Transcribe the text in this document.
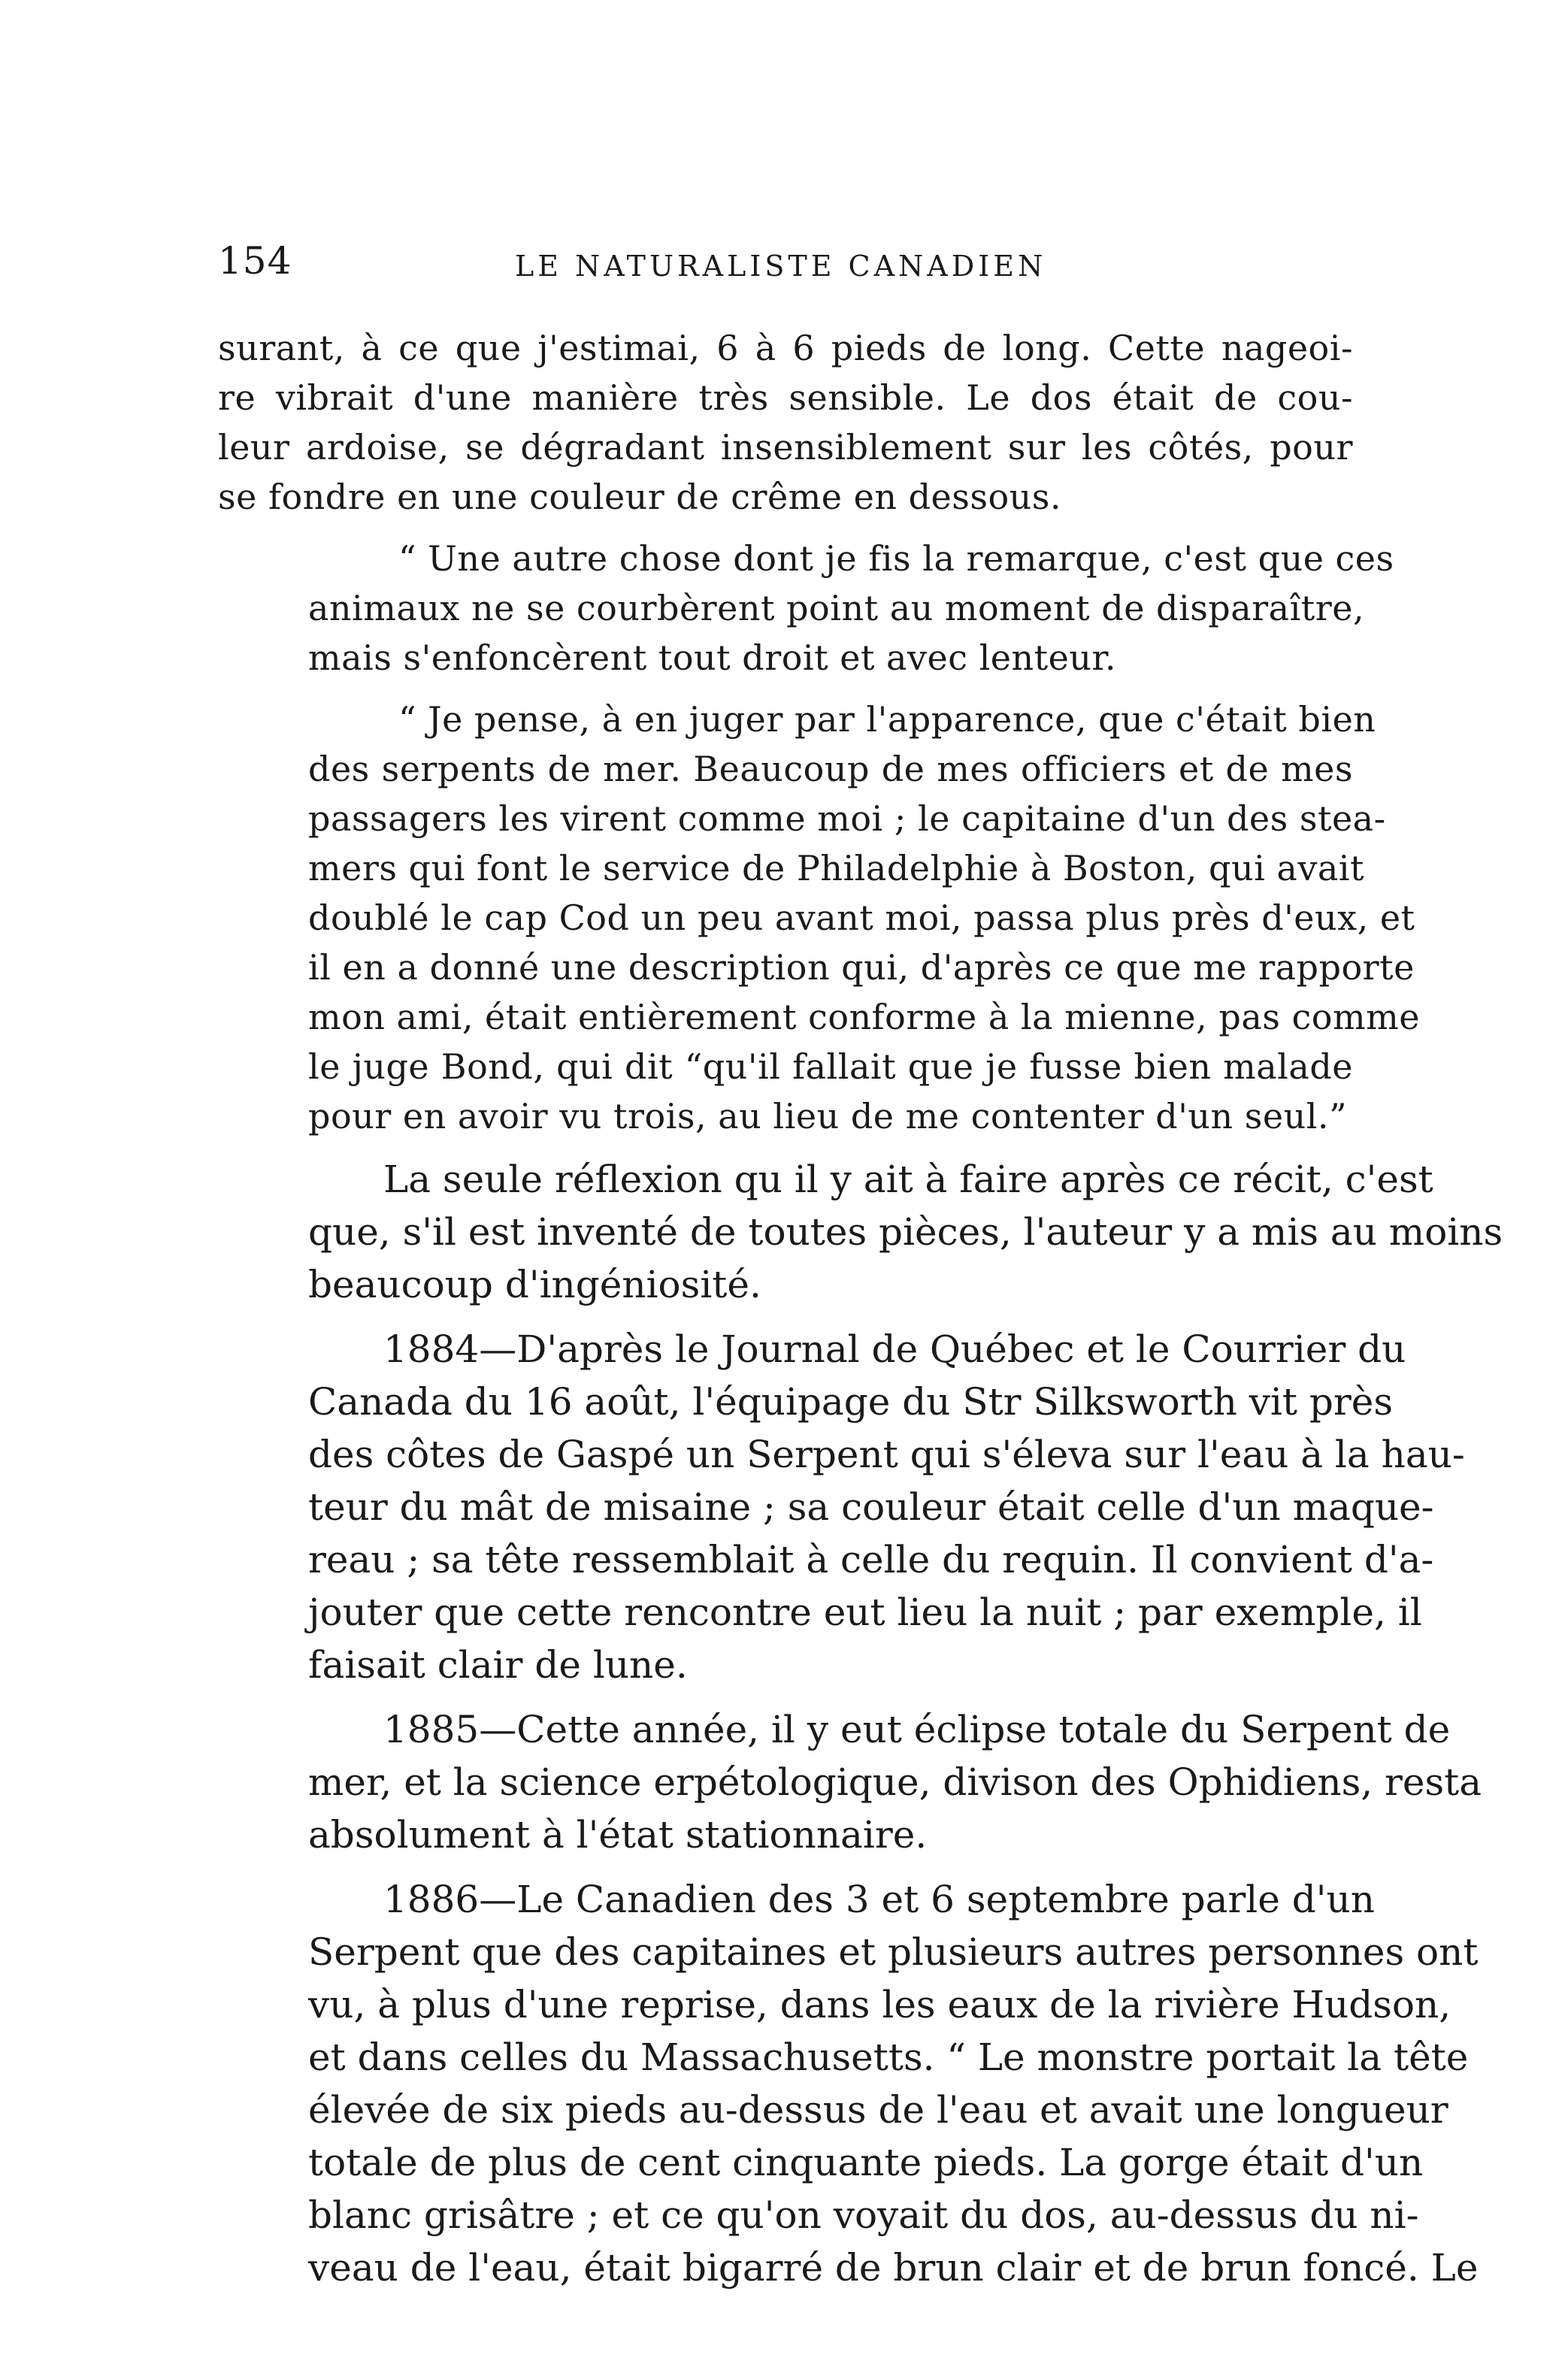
154	LE NATURALISTE CANADIEN
surant, à ce que j'estimai, 6 à 6 pieds de long. Cette nageoi-
re vibrait d'une manière très sensible. Le dos était de cou-
leur ardoise, se dégradant insensiblement sur les côtés, pour
se fondre en une couleur de crême en dessous.
“ Une autre chose dont je fis la remarque, c'est que ces
animaux ne se courbèrent point au moment de disparaître,
mais s'enfoncèrent tout droit et avec lenteur.
“ Je pense, à en juger par l'apparence, que c'était bien
des serpents de mer. Beaucoup de mes officiers et de mes
passagers les virent comme moi ; le capitaine d'un des stea-
mers qui font le service de Philadelphie à Boston, qui avait
doublé le cap Cod un peu avant moi, passa plus près d'eux, et
il en a donné une description qui, d'après ce que me rapporte
mon ami, était entièrement conforme à la mienne, pas comme
le juge Bond, qui dit “qu'il fallait que je fusse bien malade
pour en avoir vu trois, au lieu de me contenter d'un seul.”
La seule réflexion qu il y ait à faire après ce récit, c'est
que, s'il est inventé de toutes pièces, l'auteur y a mis au moins
beaucoup d'ingéniosité.
1884—D'après le Journal de Québec et le Courrier du
Canada du 16 août, l'équipage du Str Silksworth vit près
des côtes de Gaspé un Serpent qui s'éleva sur l'eau à la hau-
teur du mât de misaine ; sa couleur était celle d'un maque-
reau ; sa tête ressemblait à celle du requin. Il convient d'a-
jouter que cette rencontre eut lieu la nuit ; par exemple, il
faisait clair de lune.
1885—Cette année, il y eut éclipse totale du Serpent de
mer, et la science erpétologique, divison des Ophidiens, resta
absolument à l'état stationnaire.
1886—Le Canadien des 3 et 6 septembre parle d'un
Serpent que des capitaines et plusieurs autres personnes ont
vu, à plus d'une reprise, dans les eaux de la rivière Hudson,
et dans celles du Massachusetts. “ Le monstre portait la tête
élevée de six pieds au-dessus de l'eau et avait une longueur
totale de plus de cent cinquante pieds. La gorge était d'un
blanc grisâtre ; et ce qu'on voyait du dos, au-dessus du ni-
veau de l'eau, était bigarré de brun clair et de brun foncé. Le
